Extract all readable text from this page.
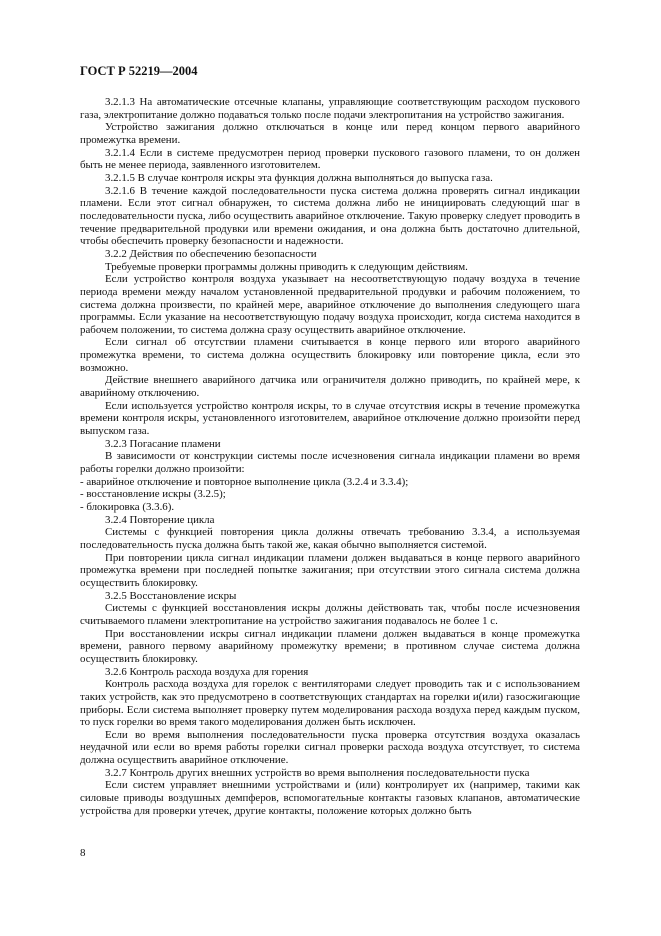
ГОСТ Р 52219—2004

3.2.1.3 На автоматические отсечные клапаны, управляющие соответствующим расходом пускового газа, электропитание должно подаваться только после подачи электропитания на устройство зажигания.

Устройство зажигания должно отключаться в конце или перед концом первого аварийного промежутка времени.

3.2.1.4 Если в системе предусмотрен период проверки пускового газового пламени, то он должен быть не менее периода, заявленного изготовителем.

3.2.1.5 В случае контроля искры эта функция должна выполняться до выпуска газа.

3.2.1.6 В течение каждой последовательности пуска система должна проверять сигнал индикации пламени. Если этот сигнал обнаружен, то система должна либо не инициировать следующий шаг в последовательности пуска, либо осуществить аварийное отключение. Такую проверку следует проводить в течение предварительной продувки или времени ожидания, и она должна быть достаточно длительной, чтобы обеспечить проверку безопасности и надежности.

3.2.2 Действия по обеспечению безопасности

Требуемые проверки программы должны приводить к следующим действиям.

Если устройство контроля воздуха указывает на несоответствующую подачу воздуха в течение периода времени между началом установленной предварительной продувки и рабочим положением, то система должна произвести, по крайней мере, аварийное отключение до выполнения следующего шага программы. Если указание на несоответствующую подачу воздуха происходит, когда система находится в рабочем положении, то система должна сразу осуществить аварийное отключение.

Если сигнал об отсутствии пламени считывается в конце первого или второго аварийного промежутка времени, то система должна осуществить блокировку или повторение цикла, если это возможно.

Действие внешнего аварийного датчика или ограничителя должно приводить, по крайней мере, к аварийному отключению.

Если используется устройство контроля искры, то в случае отсутствия искры в течение промежутка времени контроля искры, установленного изготовителем, аварийное отключение должно произойти перед выпуском газа.

3.2.3 Погасание пламени

В зависимости от конструкции системы после исчезновения сигнала индикации пламени во время работы горелки должно произойти:

- аварийное отключение и повторное выполнение цикла (3.2.4 и 3.3.4);

- восстановление искры (3.2.5);

- блокировка (3.3.6).

3.2.4 Повторение цикла

Системы с функцией повторения цикла должны отвечать требованию 3.3.4, а используемая последовательность пуска должна быть такой же, какая обычно выполняется системой.

При повторении цикла сигнал индикации пламени должен выдаваться в конце первого аварийного промежутка времени при последней попытке зажигания; при отсутствии этого сигнала система должна осуществить блокировку.

3.2.5 Восстановление искры

Системы с функцией восстановления искры должны действовать так, чтобы после исчезновения считываемого пламени электропитание на устройство зажигания подавалось не более 1 с.

При восстановлении искры сигнал индикации пламени должен выдаваться в конце промежутка времени, равного первому аварийному промежутку времени; в противном случае система должна осуществить блокировку.

3.2.6 Контроль расхода воздуха для горения

Контроль расхода воздуха для горелок с вентиляторами следует проводить так и с использованием таких устройств, как это предусмотрено в соответствующих стандартах на горелки и(или) газосжигающие приборы. Если система выполняет проверку путем моделирования расхода воздуха перед каждым пуском, то пуск горелки во время такого моделирования должен быть исключен.

Если во время выполнения последовательности пуска проверка отсутствия воздуха оказалась неудачной или если во время работы горелки сигнал проверки расхода воздуха отсутствует, то система должна осуществить аварийное отключение.

3.2.7 Контроль других внешних устройств во время выполнения последовательности пуска

Если систем управляет внешними устройствами и (или) контролирует их (например, такими как силовые приводы воздушных демпферов, вспомогательные контакты газовых клапанов, автоматические устройства для проверки утечек, другие контакты, положение которых должно быть

8
